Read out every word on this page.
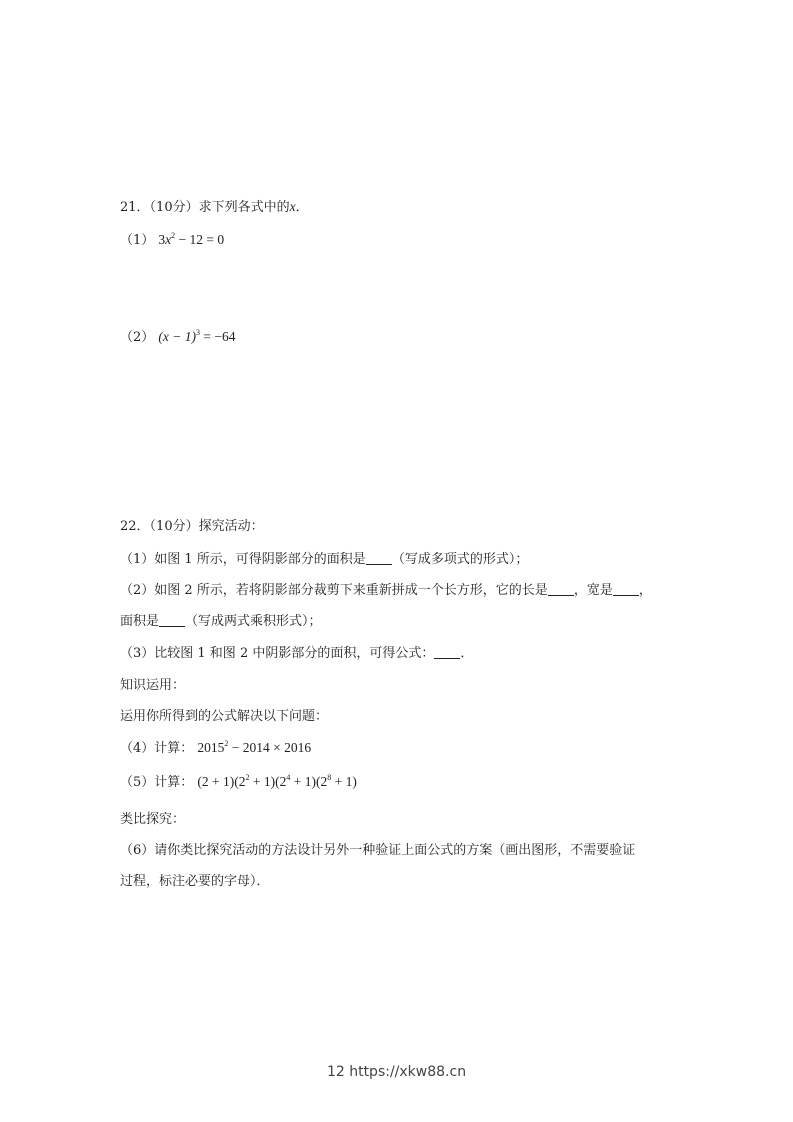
21．（10分）求下列各式中的x．
（1） $3x^2 - 12 = 0$
（2） $(x - 1)^3 = -64$
22．（10分）探究活动：
（1）如图 1 所示，可得阴影部分的面积是 （写成多项式的形式）；
（2）如图 2 所示，若将阴影部分裁剪下来重新拼成一个长方形，它的长是 ，宽是 ，
面积是 （写成两式乘积形式）；
（3）比较图 1 和图 2 中阴影部分的面积，可得公式： ．
知识运用：
运用你所得到的公式解决以下问题：
（4）计算： $2015^2 - 2014 \times 2016$
（5）计算： $(2 + 1)(2^2 + 1)(2^4 + 1)(2^8 + 1)$
类比探究：
（6）请你类比探究活动的方法设计另外一种验证上面公式的方案（画出图形，不需要验证
过程，标注必要的字母）．
12 https://xkw88.cn
